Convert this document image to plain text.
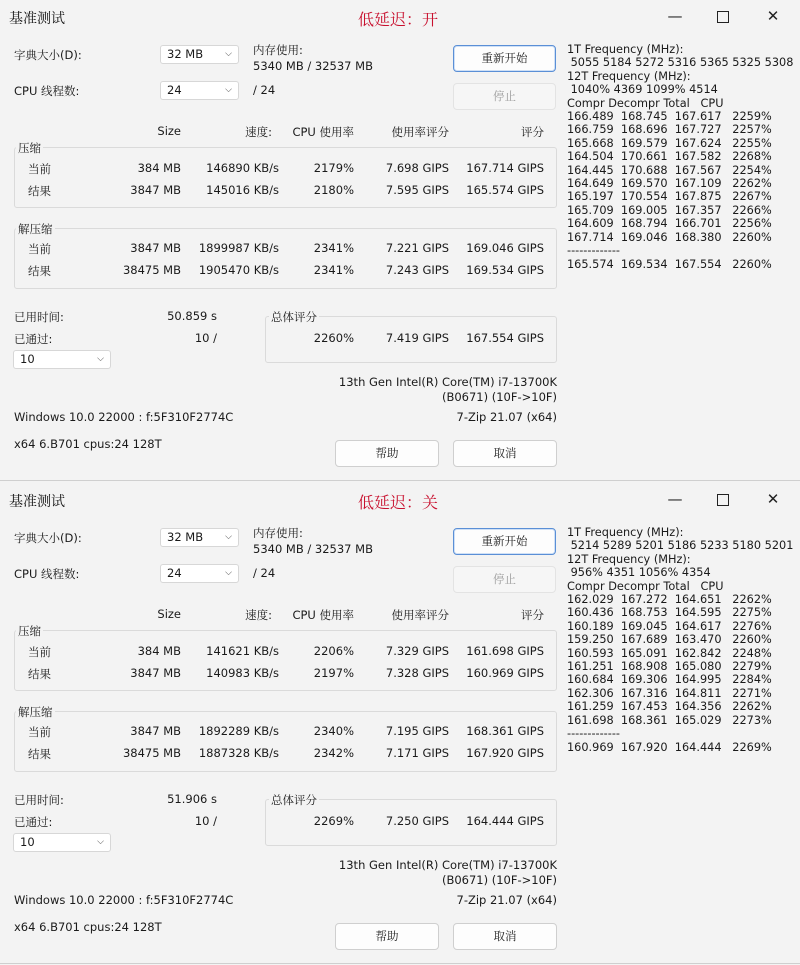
基准测试	低延迟：开	—	✕
字典大小(D):	32 MB ⌵ 内存使用:
5340 MB / 32537 MB
CPU 线程数:	24	⌵ / 24
重新开始
停止
Size	速度:	CPU 使用率	使用率评分	评分
压缩
当前	384 MB	146890 KB/s	2179%	7.698 GIPS	167.714 GIPS
结果	3847 MB	145016 KB/s	2180%	7.595 GIPS	165.574 GIPS
解压缩
当前	3847 MB	1899987 KB/s	2341%	7.221 GIPS	169.046 GIPS
结果	38475 MB	1905470 KB/s	2341%	7.243 GIPS	169.534 GIPS
已用时间:	50.859 s
已通过:	10 /
10	⌵
总体评分
2260%	7.419 GIPS	167.554 GIPS
13th Gen Intel(R) Core(TM) i7-13700K
(B0671) (10F->10F)
Windows 10.0 22000 : f:5F310F2774C	7-Zip 21.07 (x64)
x64 6.B701 cpus:24 128T
帮助	取消
1T Frequency (MHz):
5055 5184 5272 5316 5365 5325 5308
12T Frequency (MHz):
1040% 4369 1099% 4514
Compr Decompr Total   CPU
166.489  168.745  167.617   2259%
166.759  168.696  167.727   2257%
165.668  169.579  167.624   2255%
164.504  170.661  167.582   2268%
164.445  170.688  167.567   2254%
164.649  169.570  167.109   2262%
165.197  170.554  167.875   2267%
165.709  169.005  167.357   2266%
164.609  168.794  166.701   2256%
167.714  169.046  168.380   2260%
-------------
165.574  169.534  167.554   2260%
基准测试	低延迟：关	—	✕
字典大小(D):	32 MB ⌵ 内存使用:
5340 MB / 32537 MB
CPU 线程数:	24	⌵ / 24
重新开始
停止
Size	速度:	CPU 使用率	使用率评分	评分
压缩
当前	384 MB	141621 KB/s	2206%	7.329 GIPS	161.698 GIPS
结果	3847 MB	140983 KB/s	2197%	7.328 GIPS	160.969 GIPS
解压缩
当前	3847 MB	1892289 KB/s	2340%	7.195 GIPS	168.361 GIPS
结果	38475 MB	1887328 KB/s	2342%	7.171 GIPS	167.920 GIPS
已用时间:	51.906 s
已通过:	10 /
10	⌵
总体评分
2269%	7.250 GIPS	164.444 GIPS
13th Gen Intel(R) Core(TM) i7-13700K
(B0671) (10F->10F)
Windows 10.0 22000 : f:5F310F2774C	7-Zip 21.07 (x64)
x64 6.B701 cpus:24 128T
帮助	取消
1T Frequency (MHz):
5214 5289 5201 5186 5233 5180 5201
12T Frequency (MHz):
956% 4351 1056% 4354
Compr Decompr Total   CPU
162.029  167.272  164.651   2262%
160.436  168.753  164.595   2275%
160.189  169.045  164.617   2276%
159.250  167.689  163.470   2260%
160.593  165.091  162.842   2248%
161.251  168.908  165.080   2279%
160.684  169.306  164.995   2284%
162.306  167.316  164.811   2271%
161.259  167.453  164.356   2262%
161.698  168.361  165.029   2273%
-------------
160.969  167.920  164.444   2269%
